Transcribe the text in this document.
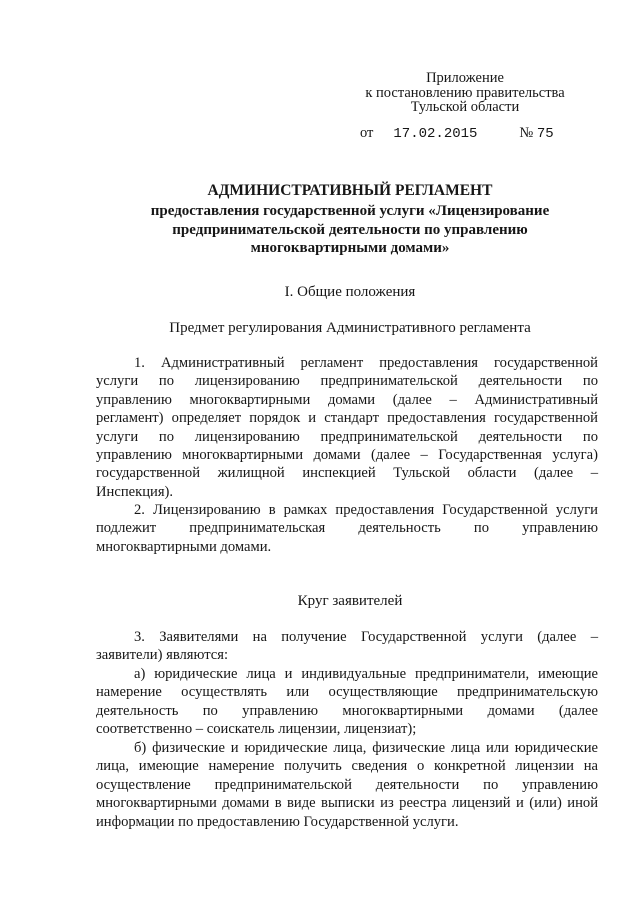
Приложение
к постановлению правительства
Тульской области
от 17.02.2015	№ 75
АДМИНИСТРАТИВНЫЙ РЕГЛАМЕНТ
предоставления государственной услуги «Лицензирование
предпринимательской деятельности по управлению
многоквартирными домами»
I. Общие положения
Предмет регулирования Административного регламента
1. Административный регламент предоставления государственной
услуги по лицензированию предпринимательской деятельности по
управлению многоквартирными домами (далее – Административный
регламент) определяет порядок и стандарт предоставления государственной
услуги по лицензированию предпринимательской деятельности по
управлению многоквартирными домами (далее – Государственная услуга)
государственной жилищной инспекцией Тульской области (далее –
Инспекция).
2. Лицензированию в рамках предоставления Государственной услуги
подлежит предпринимательская деятельность по управлению
многоквартирными домами.
Круг заявителей
3. Заявителями на получение Государственной услуги (далее –
заявители) являются:
а) юридические лица и индивидуальные предприниматели, имеющие
намерение осуществлять или осуществляющие предпринимательскую
деятельность по управлению многоквартирными домами (далее
соответственно – соискатель лицензии, лицензиат);
б) физические и юридические лица, физические лица или юридические
лица, имеющие намерение получить сведения о конкретной лицензии на
осуществление предпринимательской деятельности по управлению
многоквартирными домами в виде выписки из реестра лицензий и (или) иной
информации по предоставлению Государственной услуги.
